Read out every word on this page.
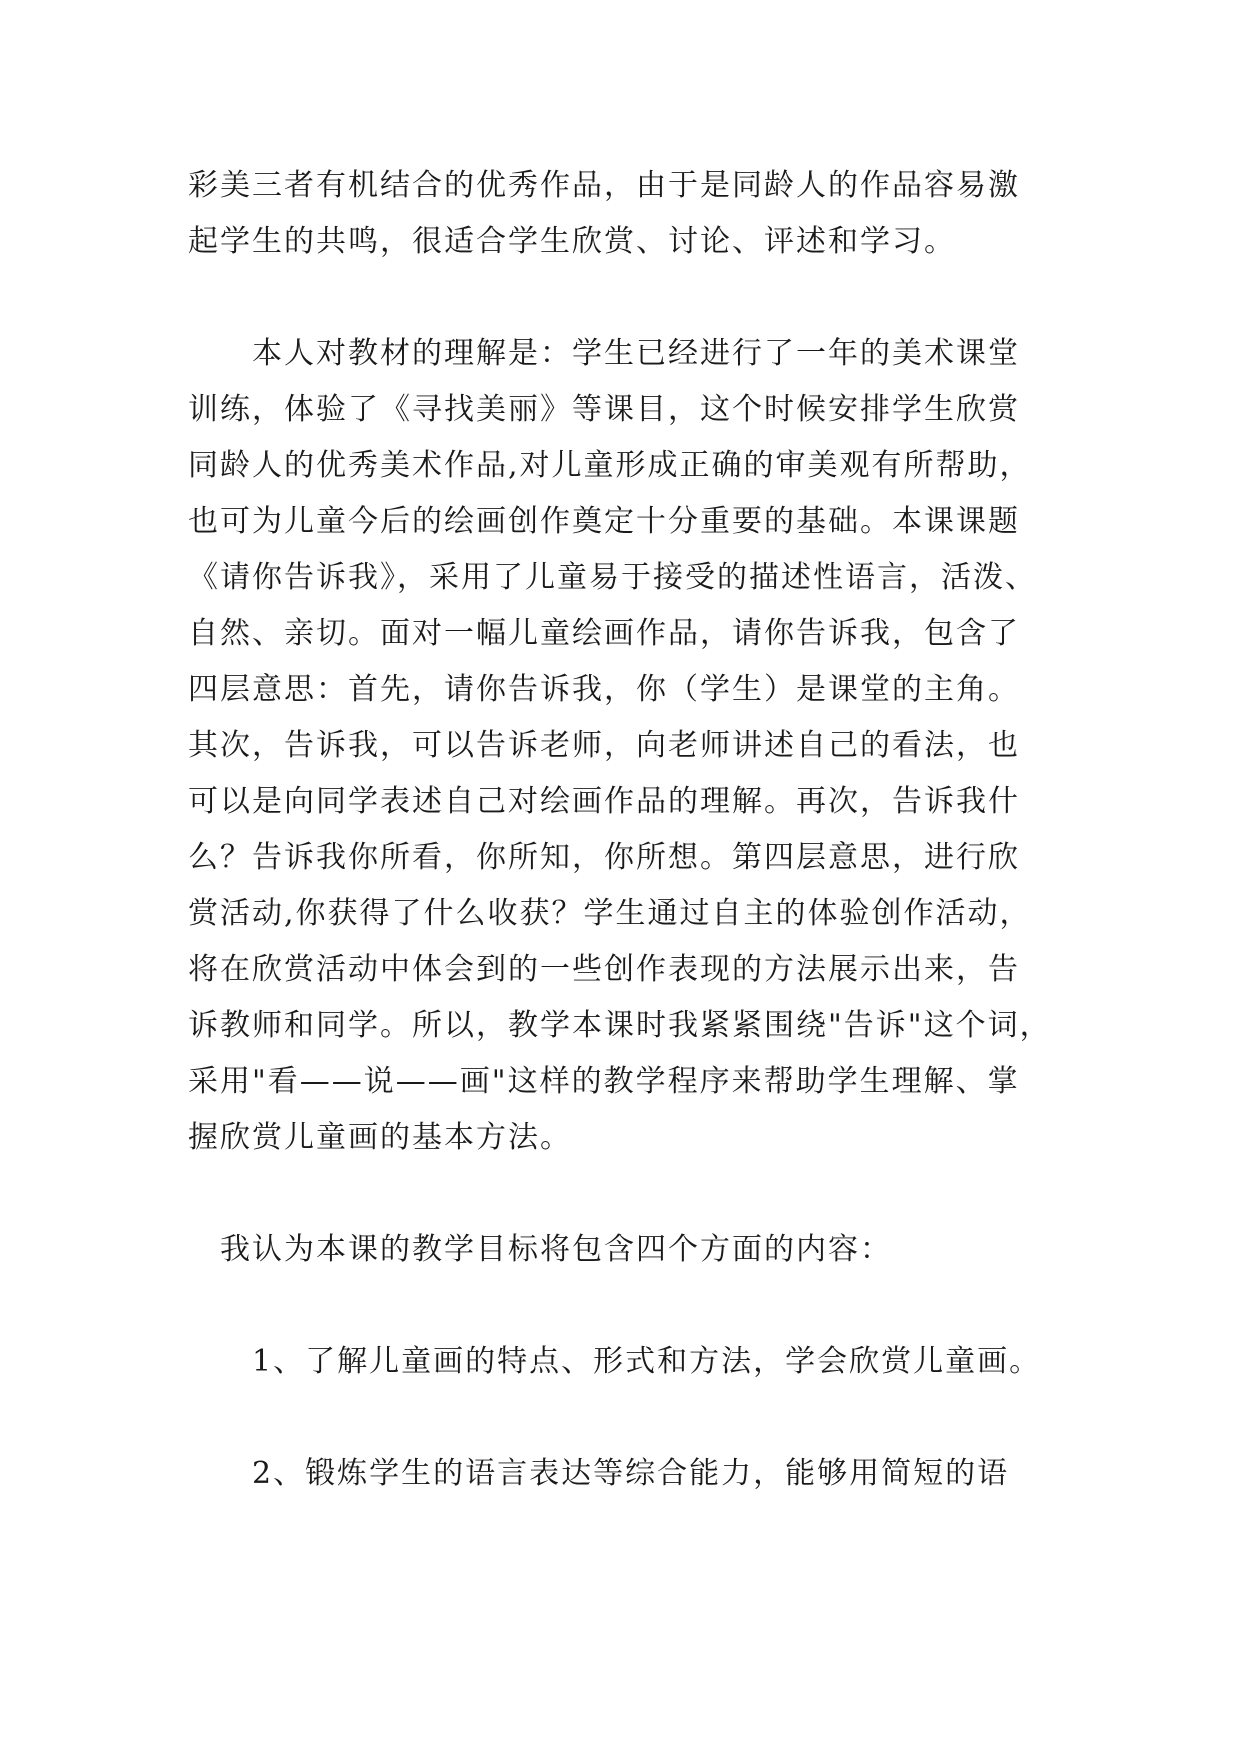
彩美三者有机结合的优秀作品，由于是同龄人的作品容易激
起学生的共鸣，很适合学生欣赏、讨论、评述和学习。

　　本人对教材的理解是：学生已经进行了一年的美术课堂
训练，体验了《寻找美丽》等课目，这个时候安排学生欣赏
同龄人的优秀美术作品,对儿童形成正确的审美观有所帮助，
也可为儿童今后的绘画创作奠定十分重要的基础。本课课题
《请你告诉我》，采用了儿童易于接受的描述性语言，活泼、
自然、亲切。面对一幅儿童绘画作品，请你告诉我，包含了
四层意思：首先，请你告诉我，你（学生）是课堂的主角。
其次，告诉我，可以告诉老师，向老师讲述自己的看法，也
可以是向同学表述自己对绘画作品的理解。再次，告诉我什
么？告诉我你所看，你所知，你所想。第四层意思，进行欣
赏活动,你获得了什么收获？学生通过自主的体验创作活动，
将在欣赏活动中体会到的一些创作表现的方法展示出来，告
诉教师和同学。所以，教学本课时我紧紧围绕"告诉"这个词，
采用"看——说——画"这样的教学程序来帮助学生理解、掌
握欣赏儿童画的基本方法。

　我认为本课的教学目标将包含四个方面的内容：

　　1、了解儿童画的特点、形式和方法，学会欣赏儿童画。

　　2、锻炼学生的语言表达等综合能力，能够用简短的语
